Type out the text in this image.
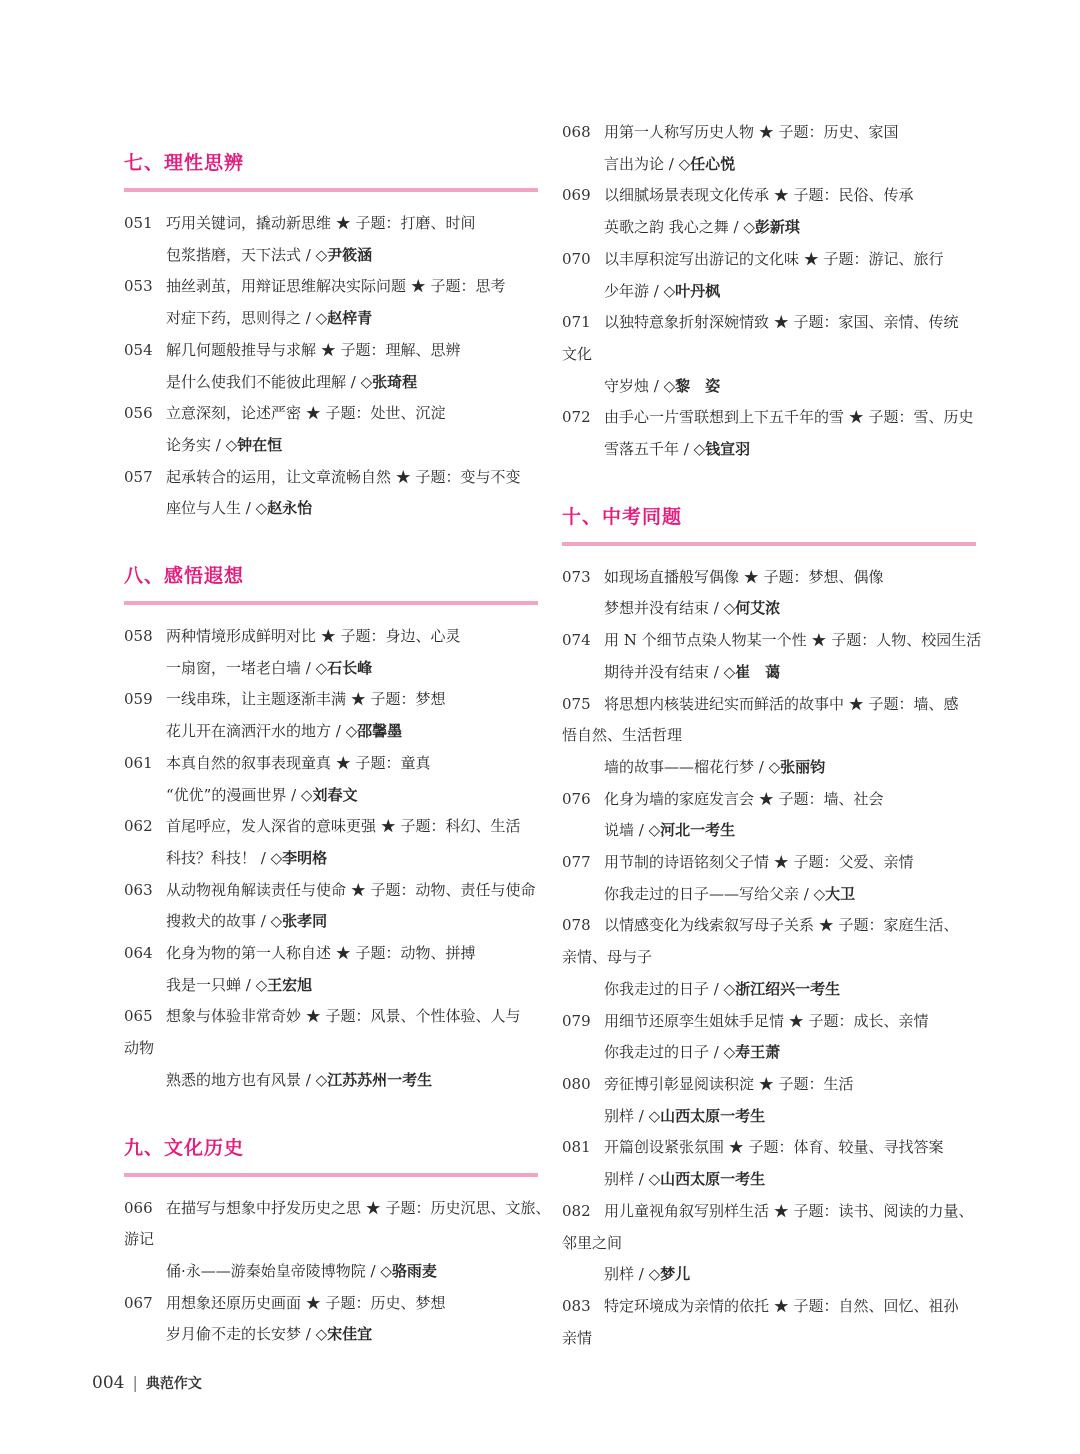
七、理性思辨
051 巧用关键词，撬动新思维 ★ 子题：打磨、时间
包浆揩磨，天下法式 / ◇尹筱涵
053 抽丝剥茧，用辩证思维解决实际问题 ★ 子题：思考
对症下药，思则得之 / ◇赵梓青
054 解几何题般推导与求解 ★ 子题：理解、思辨
是什么使我们不能彼此理解 / ◇张琦程
056 立意深刻，论述严密 ★ 子题：处世、沉淀
论务实 / ◇钟在恒
057 起承转合的运用，让文章流畅自然 ★ 子题：变与不变
座位与人生 / ◇赵永怡
八、感悟遐想
058 两种情境形成鲜明对比 ★ 子题：身边、心灵
一扇窗，一堵老白墙 / ◇石长峰
059 一线串珠，让主题逐渐丰满 ★ 子题：梦想
花儿开在滴洒汗水的地方 / ◇邵馨墨
061 本真自然的叙事表现童真 ★ 子题：童真
“优优”的漫画世界 / ◇刘春文
062 首尾呼应，发人深省的意味更强 ★ 子题：科幻、生活
科技？科技！ / ◇李明格
063 从动物视角解读责任与使命 ★ 子题：动物、责任与使命
搜救犬的故事 / ◇张孝同
064 化身为物的第一人称自述 ★ 子题：动物、拼搏
我是一只蝉 / ◇王宏旭
065 想象与体验非常奇妙 ★ 子题：风景、个性体验、人与
动物
熟悉的地方也有风景 / ◇江苏苏州一考生
九、文化历史
066 在描写与想象中抒发历史之思 ★ 子题：历史沉思、文旅、
游记
俑·永——游秦始皇帝陵博物院 / ◇骆雨麦
067 用想象还原历史画面 ★ 子题：历史、梦想
岁月偷不走的长安梦 / ◇宋佳宜
068 用第一人称写历史人物 ★ 子题：历史、家国
言出为论 / ◇任心悦
069 以细腻场景表现文化传承 ★ 子题：民俗、传承
英歌之韵 我心之舞 / ◇彭新琪
070 以丰厚积淀写出游记的文化味 ★ 子题：游记、旅行
少年游 / ◇叶丹枫
071 以独特意象折射深婉情致 ★ 子题：家国、亲情、传统
文化
守岁烛 / ◇黎　姿
072 由手心一片雪联想到上下五千年的雪 ★ 子题：雪、历史
雪落五千年 / ◇钱宣羽
十、中考同题
073 如现场直播般写偶像 ★ 子题：梦想、偶像
梦想并没有结束 / ◇何艾浓
074 用 N 个细节点染人物某一个性 ★ 子题：人物、校园生活
期待并没有结束 / ◇崔　蔼
075 将思想内核装进纪实而鲜活的故事中 ★ 子题：墙、感
悟自然、生活哲理
墙的故事——榴花行梦 / ◇张丽钧
076 化身为墙的家庭发言会 ★ 子题：墙、社会
说墙 / ◇河北一考生
077 用节制的诗语铭刻父子情 ★ 子题：父爱、亲情
你我走过的日子——写给父亲 / ◇大卫
078 以情感变化为线索叙写母子关系 ★ 子题：家庭生活、
亲情、母与子
你我走过的日子 / ◇浙江绍兴一考生
079 用细节还原孪生姐妹手足情 ★ 子题：成长、亲情
你我走过的日子 / ◇寿王萧
080 旁征博引彰显阅读积淀 ★ 子题：生活
别样 / ◇山西太原一考生
081 开篇创设紧张氛围 ★ 子题：体育、较量、寻找答案
别样 / ◇山西太原一考生
082 用儿童视角叙写别样生活 ★ 子题：读书、阅读的力量、
邻里之间
别样 / ◇梦儿
083 特定环境成为亲情的依托 ★ 子题：自然、回忆、祖孙
亲情
004 | 典范作文
